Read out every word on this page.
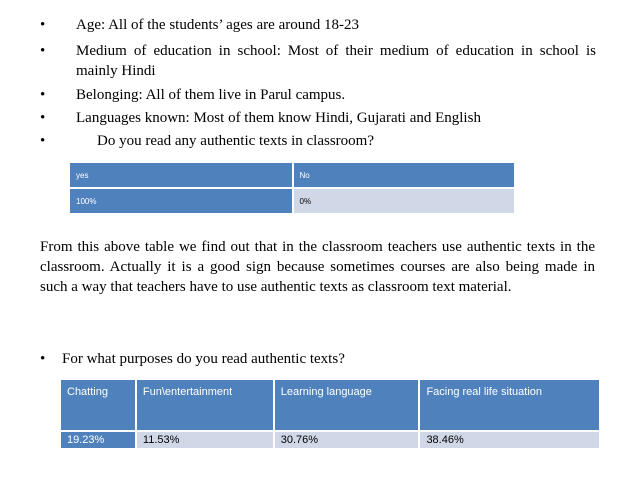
• Age: All of the students’ ages are around 18-23
• Medium of education in school: Most of their medium of education in school is mainly Hindi
• Belonging: All of them live in Parul campus.
• Languages known: Most of them know Hindi, Gujarati and English
•	Do you read any authentic texts in classroom?
yes	No
100%	0%
From this above table we find out that in the classroom teachers use authentic texts in the classroom. Actually it is a good sign because sometimes courses are also being made in such a way that teachers have to use authentic texts as classroom text material.
• For what purposes do you read authentic texts?
Chatting	Fun\entertainment	Learning language	Facing real life situation
19.23%	11.53%	30.76%	38.46%
